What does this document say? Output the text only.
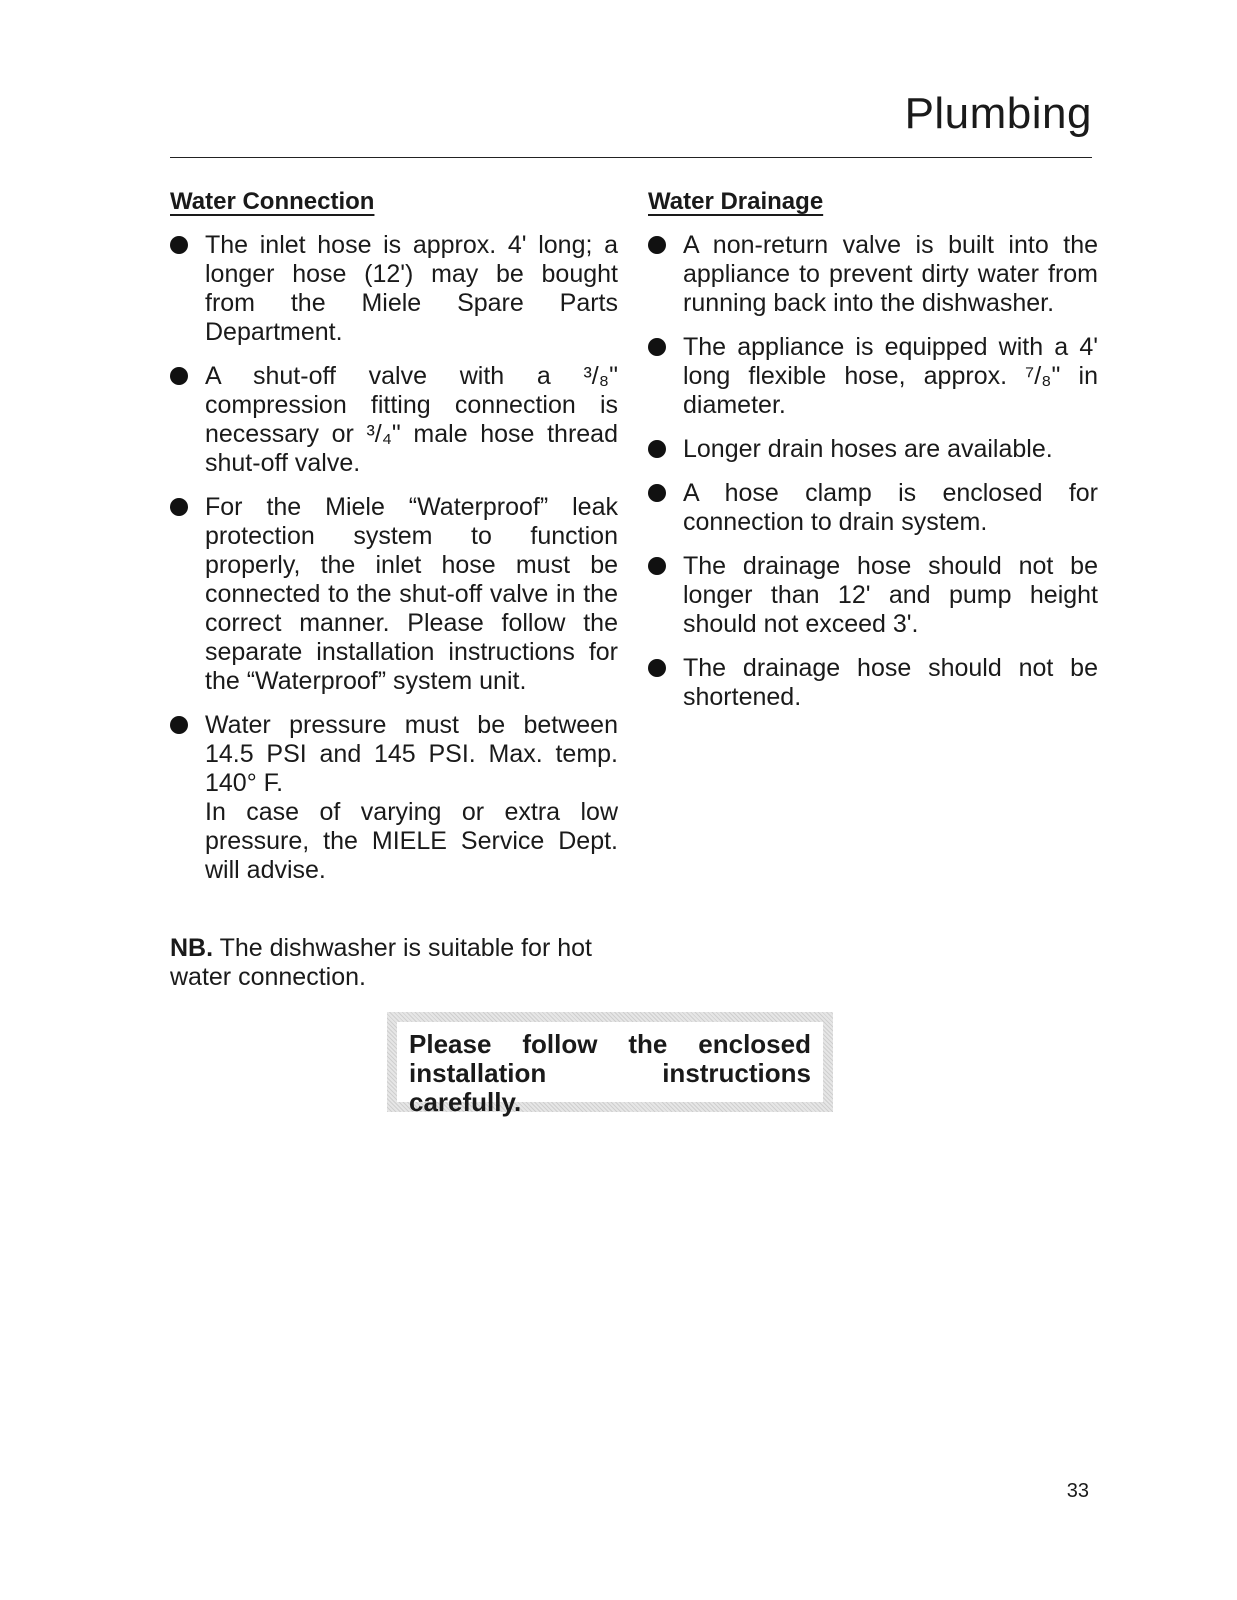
Plumbing
Water Connection
The inlet hose is approx. 4' long; a longer hose (12') may be bought from the Miele Spare Parts Department.
A shut-off valve with a ³/₈" compression fitting connection is necessary or ³/₄" male hose thread shut-off valve.
For the Miele “Waterproof” leak protection system to function properly, the inlet hose must be connected to the shut-off valve in the correct manner. Please follow the separate installation instructions for the “Waterproof” system unit.
Water pressure must be between 14.5 PSI and 145 PSI. Max. temp. 140° F.
In case of varying or extra low pressure, the MIELE Service Dept. will advise.
Water Drainage
A non-return valve is built into the appliance to prevent dirty water from running back into the dishwasher.
The appliance is equipped with a 4' long flexible hose, approx. ⁷/₈" in diameter.
Longer drain hoses are available.
A hose clamp is enclosed for connection to drain system.
The drainage hose should not be longer than 12' and pump height should not exceed 3'.
The drainage hose should not be shortened.

NB. The dishwasher is suitable for hot water connection.

Please follow the enclosed installation instructions carefully.
33
